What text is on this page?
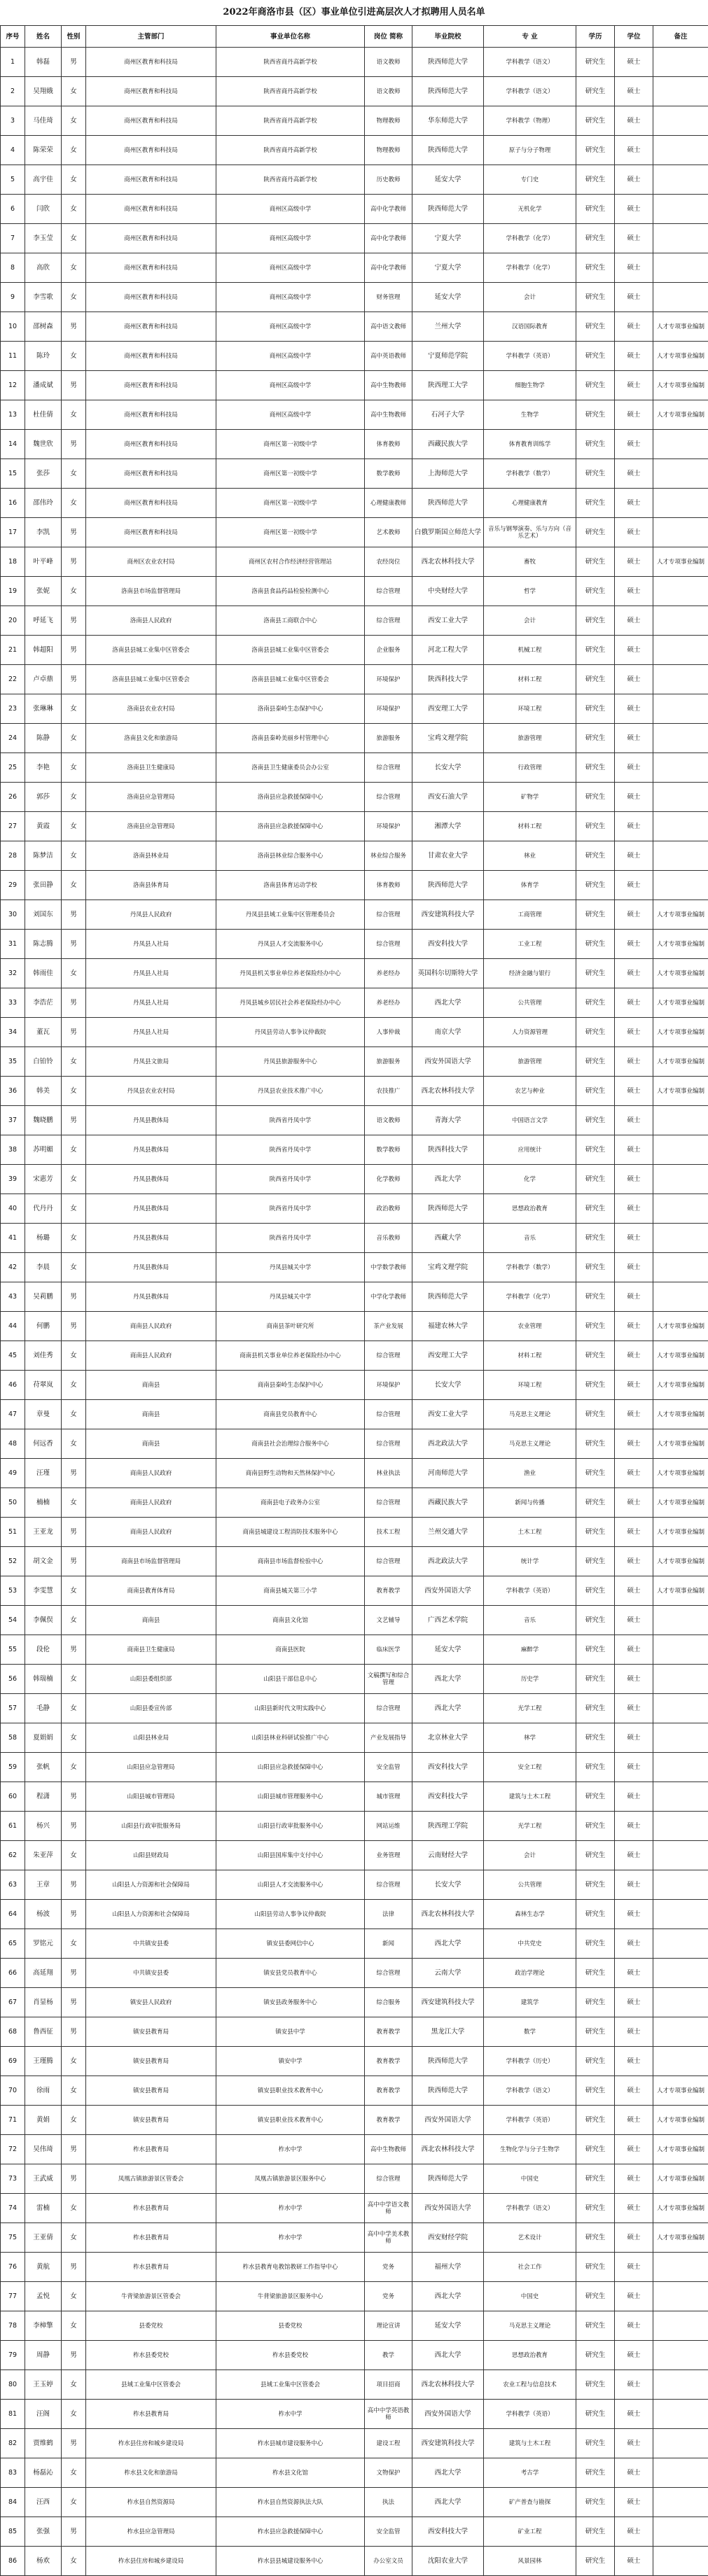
2022年商洛市县（区）事业单位引进高层次人才拟聘用人员名单
序号	姓名	性别	主管部门	事业单位名称	岗位 简称	毕业院校	专 业	学历	学位	备注
1	韩磊	男	商州区教育和科技局	陕西省商丹高新学校	语文教师	陕西师范大学	学科教学（语文）	研究生	硕士	
2	吴翔娥	女	商州区教育和科技局	陕西省商丹高新学校	语文教师	陕西师范大学	学科教学（语文）	研究生	硕士	
3	马佳琦	女	商州区教育和科技局	陕西省商丹高新学校	物理教师	华东师范大学	学科教学（物理）	研究生	硕士	
4	陈荣荣	女	商州区教育和科技局	陕西省商丹高新学校	物理教师	陕西师范大学	原子与分子物理	研究生	硕士	
5	高宇佳	女	商州区教育和科技局	陕西省商丹高新学校	历史教师	延安大学	专门史	研究生	硕士	
6	闫欣	女	商州区教育和科技局	商州区高级中学	高中化学教师	陕西师范大学	无机化学	研究生	硕士	
7	李玉莹	女	商州区教育和科技局	商州区高级中学	高中化学教师	宁夏大学	学科教学（化学）	研究生	硕士	
8	高欣	女	商州区教育和科技局	商州区高级中学	高中化学教师	宁夏大学	学科教学（化学）	研究生	硕士	
9	李雪歌	女	商州区教育和科技局	商州区高级中学	财务管理	延安大学	会计	研究生	硕士	
10	邵树森	男	商州区教育和科技局	商州区高级中学	高中语文教师	兰州大学	汉语国际教育	研究生	硕士	人才专项事业编制
11	陈玲	女	商州区教育和科技局	商州区高级中学	高中英语教师	宁夏师范学院	学科教学（英语）	研究生	硕士	人才专项事业编制
12	潘成斌	男	商州区教育和科技局	商州区高级中学	高中生物教师	陕西理工大学	细胞生物学	研究生	硕士	人才专项事业编制
13	杜佳倩	女	商州区教育和科技局	商州区高级中学	高中生物教师	石河子大学	生物学	研究生	硕士	人才专项事业编制
14	魏世欣	男	商州区教育和科技局	商州区第一初级中学	体育教师	西藏民族大学	体育教育训练学	研究生	硕士	
15	张莎	女	商州区教育和科技局	商州区第一初级中学	数学教师	上海师范大学	学科教学（数学）	研究生	硕士	
16	邵伟玲	女	商州区教育和科技局	商州区第一初级中学	心理健康教师	陕西师范大学	心理健康教育	研究生	硕士	
17	李凯	男	商州区教育和科技局	商州区第一初级中学	艺术教师	白俄罗斯国立师范大学	音乐与钢琴演奏、乐与方向（音乐艺术）	研究生	硕士	
18	叶平峰	男	商州区农业农村局	商州区农村合作经济经营管理站	农经岗位	西北农林科技大学	畜牧	研究生	硕士	人才专项事业编制
19	张妮	女	洛南县市场监督管理局	洛南县食品药品检验检测中心	综合管理	中央财经大学	哲学	研究生	硕士	
20	呼延飞	男	洛南县人民政府	洛南县工商联合中心	综合管理	西安工业大学	会计	研究生	硕士	
21	韩超阳	男	洛南县县城工业集中区管委会	洛南县县城工业集中区管委会	企业服务	河北工程大学	机械工程	研究生	硕士	
22	卢卓鼎	男	洛南县县城工业集中区管委会	洛南县县城工业集中区管委会	环境保护	陕西科技大学	材料工程	研究生	硕士	
23	张琳琳	女	洛南县农业农村局	洛南县秦岭生态保护中心	环境保护	西安理工大学	环境工程	研究生	硕士	
24	陈静	女	洛南县文化和旅游局	洛南县秦岭美丽乡村管理中心	旅游服务	宝鸡文理学院	旅游管理	研究生	硕士	
25	李艳	女	洛南县卫生健康局	洛南县卫生健康委员会办公室	综合管理	长安大学	行政管理	研究生	硕士	
26	郭莎	女	洛南县应急管理局	洛南县应急救援保障中心	综合管理	西安石油大学	矿物学	研究生	硕士	
27	黄霞	女	洛南县应急管理局	洛南县应急救援保障中心	环境保护	湘潭大学	材料工程	研究生	硕士	
28	陈梦洁	女	洛南县林业局	洛南县林业综合服务中心	林业综合服务	甘肃农业大学	林业	研究生	硕士	
29	张田静	女	洛南县体育局	洛南县体育运动学校	体育教师	陕西师范大学	体育学	研究生	硕士	
30	刘国东	男	丹凤县人民政府	丹凤县县域工业集中区管理委员会	综合管理	西安建筑科技大学	工商管理	研究生	硕士	人才专项事业编制
31	陈志腾	男	丹凤县人社局	丹凤县人才交流服务中心	综合管理	西安科技大学	工业工程	研究生	硕士	人才专项事业编制
32	韩雨佳	女	丹凤县人社局	丹凤县机关事业单位养老保险经办中心	养老经办	英国科尔切斯特大学	经济金融与银行	研究生	硕士	人才专项事业编制
33	李浩茫	男	丹凤县人社局	丹凤县城乡居民社会养老保险经办中心	养老经办	西北大学	公共管理	研究生	硕士	人才专项事业编制
34	董瓦	男	丹凤县人社局	丹凤县劳动人事争议仲裁院	人事仲裁	南京大学	人力资源管理	研究生	硕士	人才专项事业编制
35	白铂铃	女	丹凤县文旅局	丹凤县旅游服务中心	旅游服务	西安外国语大学	旅游管理	研究生	硕士	人才专项事业编制
36	韩美	女	丹凤县农业农村局	丹凤县农业技术推广中心	农技推广	西北农林科技大学	农艺与种业	研究生	硕士	人才专项事业编制
37	魏晓鹏	男	丹凤县教体局	陕西省丹凤中学	语文教师	青海大学	中国语言文学	研究生	硕士	
38	苏明媚	女	丹凤县教体局	陕西省丹凤中学	数学教师	陕西科技大学	应用统计	研究生	硕士	
39	宋惠芳	女	丹凤县教体局	陕西省丹凤中学	化学教师	西北大学	化学	研究生	硕士	
40	代丹丹	女	丹凤县教体局	陕西省丹凤中学	政治教师	陕西师范大学	思想政治教育	研究生	硕士	
41	杨璐	女	丹凤县教体局	陕西省丹凤中学	音乐教师	西藏大学	音乐	研究生	硕士	
42	李晨	女	丹凤县教体局	丹凤县城关中学	中学数学教师	宝鸡文理学院	学科教学（数学）	研究生	硕士	
43	吴莉鹏	男	丹凤县教体局	丹凤县城关中学	中学化学教师	陕西师范大学	学科教学（化学）	研究生	硕士	
44	何鹏	男	商南县人民政府	商南县茶叶研究所	茶产业发展	福建农林大学	农业管理	研究生	硕士	人才专项事业编制
45	刘佳秀	女	商南县人民政府	商南县机关事业单位养老保险经办中心	综合管理	西安理工大学	材料工程	研究生	硕士	人才专项事业编制
46	苻翠岚	女	商南县	商南县秦岭生态保护中心	环境保护	长安大学	环境工程	研究生	硕士	人才专项事业编制
47	章曼	女	商南县	商南县党员教育中心	综合管理	西安工业大学	马克思主义理论	研究生	硕士	人才专项事业编制
48	何远香	女	商南县	商南县社会治理综合服务中心	综合管理	西北政法大学	马克思主义理论	研究生	硕士	人才专项事业编制
49	汪瑾	男	商南县人民政府	商南县野生动物和天然林保护中心	林业执法	河南师范大学	渔业	研究生	硕士	人才专项事业编制
50	楠楠	女	商南县人民政府	商南县电子政务办公室	综合管理	西藏民族大学	新闻与传播	研究生	硕士	人才专项事业编制
51	王亚龙	男	商南县人民政府	商南县城建设工程消防技术服务中心	技术工程	兰州交通大学	土木工程	研究生	硕士	人才专项事业编制
52	胡文金	男	商南县市场监督管理局	商南县市场监督检验中心	综合管理	西北政法大学	统计学	研究生	硕士	人才专项事业编制
53	李雯慧	女	商南县教育体育局	商南县城关第三小学	教育教学	西安外国语大学	学科教学（英语）	研究生	硕士	人才专项事业编制
54	李佩俣	女	商南县	商南县文化馆	文艺辅导	广西艺术学院	音乐	研究生	硕士	
55	段伦	男	商南县卫生健康局	商南县医院	临床医学	延安大学	麻醉学	研究生	硕士	
56	韩瑞楠	女	山阳县委组织部	山阳县干部信息中心	文稿撰写和综合管理	西北大学	历史学	研究生	硕士	
57	毛静	女	山阳县委宣传部	山阳县新时代文明实践中心	综合管理	西北大学	光学工程	研究生	硕士	
58	夏娟娟	女	山阳县林业局	山阳县林业科研试验推广中心	产业发展指导	北京林业大学	林学	研究生	硕士	
59	张帆	女	山阳县应急管理局	山阳县应急救援保障中心	安全监管	西安科技大学	安全工程	研究生	硕士	
60	程潇	男	山阳县城市管理局	山阳县城市管理服务中心	城市管理	西安科技大学	建筑与土木工程	研究生	硕士	
61	杨兴	男	山阳县行政审批服务局	山阳县行政审批服务中心	网站运维	陕西理工学院	光学工程	研究生	硕士	
62	朱亚萍	女	山阳县财政局	山阳县国库集中支付中心	业务管理	云南财经大学	会计	研究生	硕士	
63	王章	男	山阳县人力资源和社会保障局	山阳县人才交流服务中心	综合管理	长安大学	公共管理	研究生	硕士	
64	杨波	男	山阳县人力资源和社会保障局	山阳县劳动人事争议仲裁院	法律	西北农林科技大学	森林生态学	研究生	硕士	
65	罗铭元	女	中共镇安县委	镇安县委网信中心	新闻	西北大学	中共党史	研究生	硕士	
66	高延翔	男	中共镇安县委	镇安县党员教育中心	综合管理	云南大学	政治学理论	研究生	硕士	
67	肖显杨	男	镇安县人民政府	镇安县政务服务中心	综合服务	西安建筑科技大学	建筑学	研究生	硕士	
68	鲁西征	男	镇安县教育局	镇安县中学	教育教学	黑龙江大学	数学	研究生	硕士	
69	王瑾腾	女	镇安县教育局	镇安中学	教育教学	陕西师范大学	学科教学（历史）	研究生	硕士	
70	徐雨	女	镇安县教育局	镇安县职业技术教育中心	教育教学	陕西师范大学	学科教学（语文）	研究生	硕士	人才专项事业编制
71	黄娟	女	镇安县教育局	镇安县职业技术教育中心	教育教学	西安外国语大学	学科教学（英语）	研究生	硕士	人才专项事业编制
72	吴伟琦	男	柞水县教育局	柞水中学	高中生物教师	西北农林科技大学	生物化学与分子生物学	研究生	硕士	人才专项事业编制
73	王武威	男	凤凰古镇旅游景区管委会	凤凰古镇旅游景区服务中心	综合管理	陕西师范大学	中国史	研究生	硕士	人才专项事业编制
74	雷楠	女	柞水县教育局	柞水中学	高中中学语文教师	西安外国语大学	学科教学（语文）	研究生	硕士	人才专项事业编制
75	王亚倩	女	柞水县教育局	柞水中学	高中中学美术教师	西安财经学院	艺术设计	研究生	硕士	人才专项事业编制
76	黄航	男	柞水县教育局	柞水县教育电教馆教研工作指导中心	党务	福州大学	社会工作	研究生	硕士	
77	孟悦	女	牛背梁旅游景区管委会	牛背梁旅游景区服务中心	党务	西北大学	中国史	研究生	硕士	
78	李樟擎	女	县委党校	县委党校	理论宣讲	延安大学	马克思主义理论	研究生	硕士	
79	周静	男	柞水县委党校	柞水县委党校	教学	西北大学	思想政治教育	研究生	硕士	
80	王玉婷	女	县域工业集中区管委会	县域工业集中区管委会	项目招商	西北农林科技大学	农业工程与信息技术	研究生	硕士	
81	汪阁	女	柞水县教育局	柞水中学	高中中学英语教师	西安外国语大学	学科教学（英语）	研究生	硕士	
82	贾维鹤	男	柞水县住房和城乡建设局	柞水县城市建设服务中心	建设工程	西安建筑科技大学	建筑与土木工程	研究生	硕士	
83	杨磊沁	女	柞水县文化和旅游局	柞水县文化馆	文物保护	西北大学	考古学	研究生	硕士	
84	汪西	女	柞水县自然资源局	柞水县自然资源执法大队	执法	西北大学	矿产普查与勘探	研究生	硕士	
85	张强	男	柞水县应急管理局	柞水县应急救援保障中心	安全监管	西安科技大学	矿业工程	研究生	硕士	
86	杨欢	女	柞水县住房和城乡建设局	柞水县县城建设服务中心	办公室文员	沈阳农业大学	风景园林	研究生	硕士	
